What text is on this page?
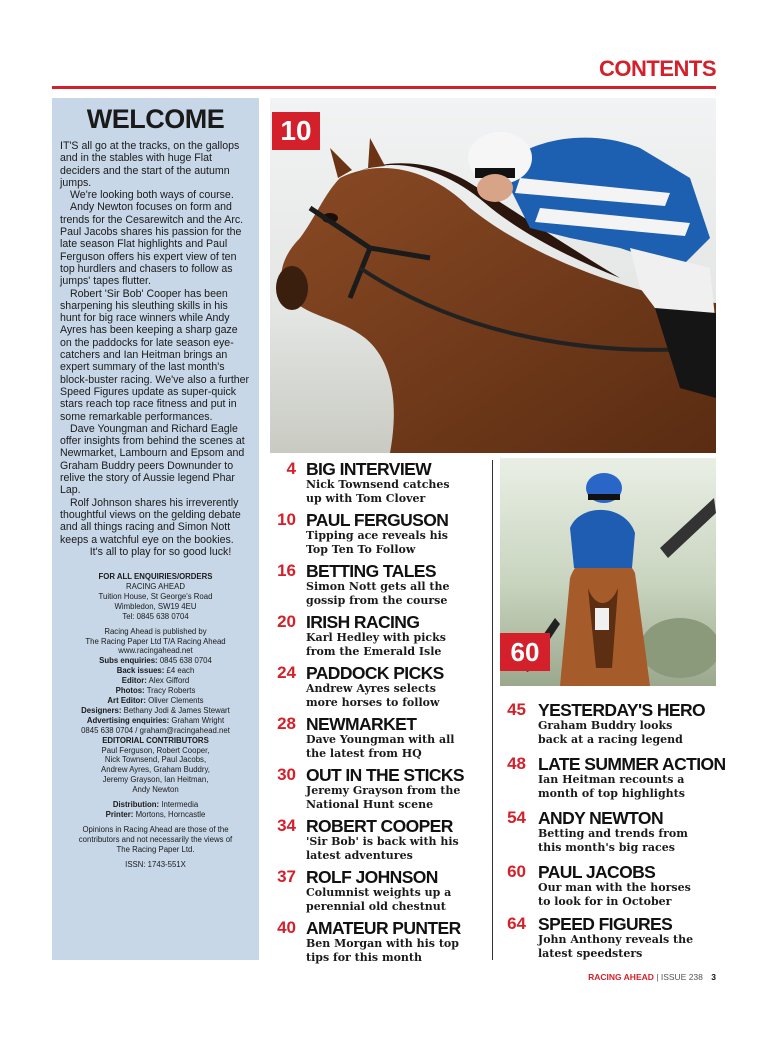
CONTENTS
WELCOME

IT'S all go at the tracks, on the gallops and in the stables with huge Flat deciders and the start of the autumn jumps.

We're looking both ways of course.

Andy Newton focuses on form and trends for the Cesarewitch and the Arc. Paul Jacobs shares his passion for the late season Flat highlights and Paul Ferguson offers his expert view of ten top hurdlers and chasers to follow as jumps' tapes flutter.

Robert 'Sir Bob' Cooper has been sharpening his sleuthing skills in his hunt for big race winners while Andy Ayres has been keeping a sharp gaze on the paddocks for late season eye-catchers and Ian Heitman brings an expert summary of the last month's block-buster racing. We've also a further Speed Figures update as super-quick stars reach top race fitness and put in some remarkable performances.

Dave Youngman and Richard Eagle offer insights from behind the scenes at Newmarket, Lambourn and Epsom and Graham Buddry peers Downunder to relive the story of Aussie legend Phar Lap.

Rolf Johnson shares his irreverently thoughtful views on the gelding debate and all things racing and Simon Nott keeps a watchful eye on the bookies.

It's all to play for so good luck!

FOR ALL ENQUIRIES/ORDERS
RACING AHEAD
Tuition House, St George's Road
Wimbledon, SW19 4EU
Tel: 0845 638 0704
Racing Ahead is published by
The Racing Paper Ltd T/A Racing Ahead
www.racingahead.net
Subs enquiries: 0845 638 0704
Back issues: £4 each
Editor: Alex Gifford
Photos: Tracy Roberts
Art Editor: Oliver Clements
Designers: Bethany Jodi & James Stewart
Advertising enquiries: Graham Wright
0845 638 0704 / graham@racingahead.net
EDITORIAL CONTRIBUTORS
Paul Ferguson, Robert Cooper,
Nick Townsend, Paul Jacobs,
Andrew Ayres, Graham Buddry,
Jeremy Grayson, Ian Heitman,
Andy Newton
Distribution: Intermedia
Printer: Mortons, Horncastle
Opinions in Racing Ahead are those of the
contributors and not necessarily the views of
The Racing Paper Ltd.
ISSN: 1743-551X
10
60
4 BIG INTERVIEW
Nick Townsend catches
up with Tom Clover
10 PAUL FERGUSON
Tipping ace reveals his
Top Ten To Follow
16 BETTING TALES
Simon Nott gets all the
gossip from the course
20 IRISH RACING
Karl Hedley with picks
from the Emerald Isle
24 PADDOCK PICKS
Andrew Ayres selects
more horses to follow
28 NEWMARKET
Dave Youngman with all
the latest from HQ
30 OUT IN THE STICKS
Jeremy Grayson from the
National Hunt scene
34 ROBERT COOPER
'Sir Bob' is back with his
latest adventures
37 ROLF JOHNSON
Columnist weights up a
perennial old chestnut
40 AMATEUR PUNTER
Ben Morgan with his top
tips for this month
45 YESTERDAY'S HERO
Graham Buddry looks
back at a racing legend
48 LATE SUMMER ACTION
Ian Heitman recounts a
month of top highlights
54 ANDY NEWTON
Betting and trends from
this month's big races
60 PAUL JACOBS
Our man with the horses
to look for in October
64 SPEED FIGURES
John Anthony reveals the
latest speedsters
RACING AHEAD | ISSUE 238 3
